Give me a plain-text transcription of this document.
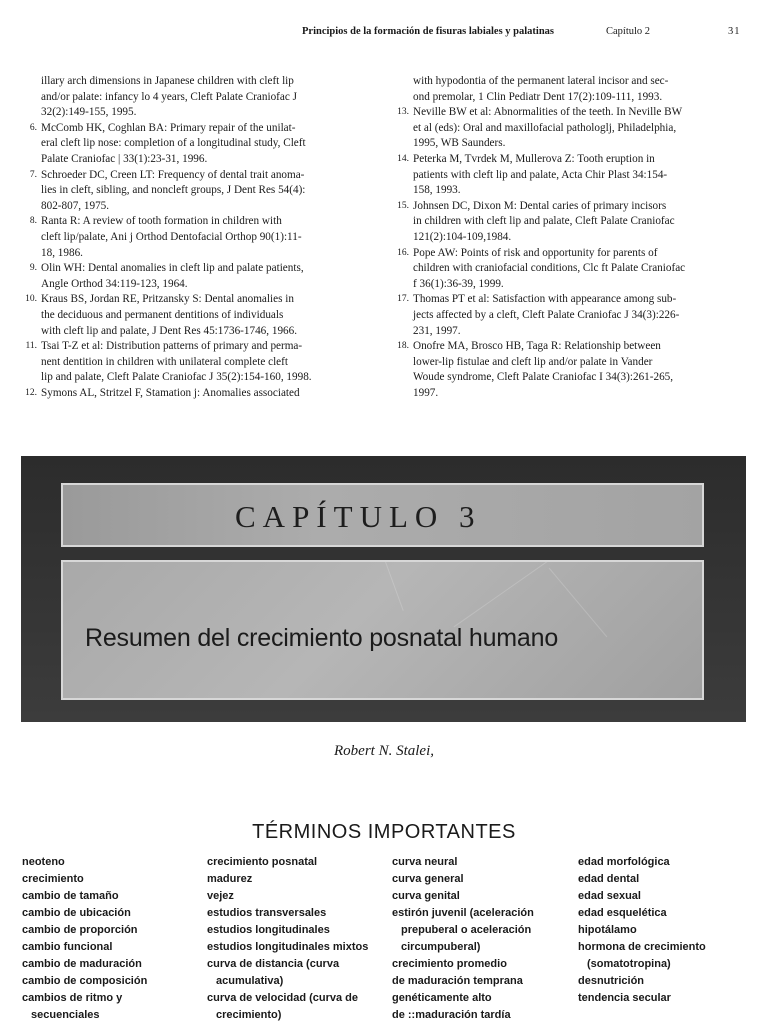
Principios de la formación de fisuras labiales y palatinas	Capítulo 2	31
illary arch dimensions in Japanese children with cleft lip
and/or palate: infancy lo 4 years, Cleft Palate Craniofac J
32(2):149-155, 1995.
6. McComb HK, Coghlan BA: Primary repair of the unilat-
eral cleft lip nose: completion of a longitudinal study, Cleft
Palate Craniofac | 33(1):23-31, 1996.
7. Schroeder DC, Creen LT: Frequency of dental trait anoma-
lies in cleft, sibling, and noncleft groups, J Dent Res 54(4):
802-807, 1975.
8. Ranta R: A review of tooth formation in children with
cleft lip/palate, Ani j Orthod Dentofacial Orthop 90(1):11-
18, 1986.
9. Olin WH: Dental anomalies in cleft lip and palate patients,
Angle Orthod 34:119-123, 1964.
10. Kraus BS, Jordan RE, Pritzansky S: Dental anomalies in
the deciduous and permanent dentitions of individuals
with cleft lip and palate, J Dent Res 45:1736-1746, 1966.
11. Tsai T-Z et al: Distribution patterns of primary and perma-
nent dentition in children with unilateral complete cleft
lip and palate, Cleft Palate Craniofac J 35(2):154-160, 1998.
12. Symons AL, Stritzel F, Stamation j: Anomalies associated
with hypodontia of the permanent lateral incisor and sec-
ond premolar, 1 Clin Pediatr Dent 17(2):109-111, 1993.
13. Neville BW et al: Abnormalities of the teeth. In Neville BW
et al (eds): Oral and maxillofacial pathologlj, Philadelphia,
1995, WB Saunders.
14. Peterka M, Tvrdek M, Mullerova Z: Tooth eruption in
patients with cleft lip and palate, Acta Chir Plast 34:154-
158, 1993.
15. Johnsen DC, Dixon M: Dental caries of primary incisors
in children with cleft lip and palate, Cleft Palate Craniofac
121(2):104-109,1984.
16. Pope AW: Points of risk and opportunity for parents of
children with craniofacial conditions, Clc ft Palate Craniofac
f 36(1):36-39, 1999.
17. Thomas PT et al: Satisfaction with appearance among sub-
jects affected by a cleft, Cleft Palate Craniofac J 34(3):226-
231, 1997.
18. Onofre MA, Brosco HB, Taga R: Relationship between
lower-lip fistulae and cleft lip and/or palate in Vander
Woude syndrome, Cleft Palate Craniofac I 34(3):261-265,
1997.
CAPÍTULO 3
Resumen del crecimiento posnatal humano
Robert N. Stalei,
TÉRMINOS IMPORTANTES
neoteno
crecimiento
cambio de tamaño
cambio de ubicación
cambio de proporción
cambio funcional
cambio de maduración
cambio de composición
cambios de ritmo y
secuenciales
crecimiento posnatal
madurez
vejez
estudios transversales
estudios longitudinales
estudios longitudinales mixtos
curva de distancia (curva
acumulativa)
curva de velocidad (curva de
crecimiento)
curva neural
curva general
curva genital
estirón juvenil (aceleración
prepuberal o aceleración
circumpuberal)
crecimiento promedio
de maduración temprana
genéticamente alto
de ::maduración tardía
edad morfológica
edad dental
edad sexual
edad esquelética
hipotálamo
hormona de crecimiento
(somatotropina)
desnutrición
tendencia secular
